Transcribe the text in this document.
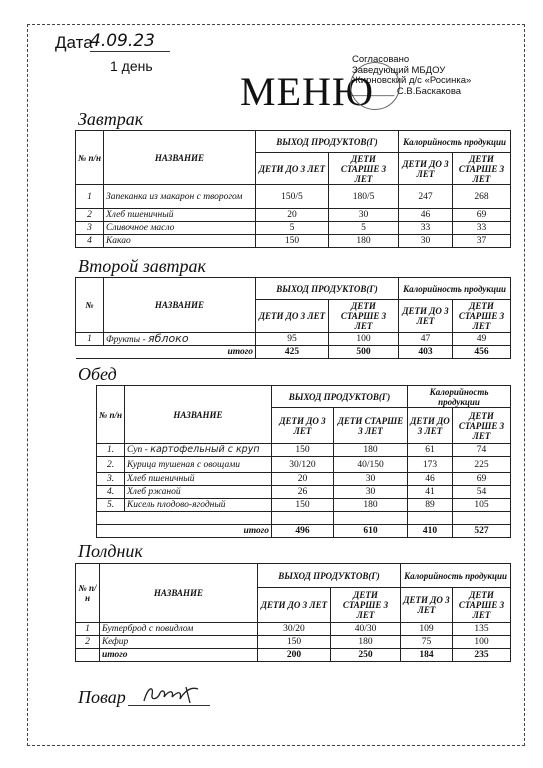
Дата
4.09.23
1 день
МЕНЮ
Согласовано
Заведующий МБДОУ
Жирновский д/с «Росинка»
________ С.В.Баскакова
Завтрак
№ п/н	НАЗВАНИЕ	ВЫХОД ПРОДУКТОВ(Г)		Калорийность продукции	
		ДЕТИ ДО 3 ЛЕТ	ДЕТИ СТАРШЕ 3 ЛЕТ	ДЕТИ ДО 3 ЛЕТ	ДЕТИ СТАРШЕ 3 ЛЕТ
1	Запеканка из макарон с творогом	150/5	180/5	247	268
2	Хлеб пшеничный	20	30	46	69
3	Сливочное масло	5	5	33	33
4	Какао	150	180	30	37
Второй завтрак
№	НАЗВАНИЕ	ВЫХОД ПРОДУКТОВ(Г)		Калорийность продукции	
		ДЕТИ ДО 3 ЛЕТ	ДЕТИ СТАРШЕ 3 ЛЕТ	ДЕТИ ДО 3 ЛЕТ	ДЕТИ СТАРШЕ 3 ЛЕТ
1	Фрукты - яблоко	95	100	47	49
итого		425	500	403	456
Обед
№ п/н	НАЗВАНИЕ	ВЫХОД ПРОДУКТОВ(Г)		Калорийность продукции	
		ДЕТИ ДО 3 ЛЕТ	ДЕТИ СТАРШЕ 3 ЛЕТ	ДЕТИ ДО 3 ЛЕТ	ДЕТИ СТАРШЕ 3 ЛЕТ
1.	Суп - картофельный с круп	150	180	61	74
2.	Курица тушеная с овощами	30/120	40/150	173	225
3.	Хлеб пшеничный	20	30	46	69
4.	Хлеб ржаной	26	30	41	54
5.	Кисель плодово-ягодный	150	180	89	105

итого		496	610	410	527
Полдник
№ п/н	НАЗВАНИЕ	ВЫХОД ПРОДУКТОВ(Г)		Калорийность продукции	
		ДЕТИ ДО 3 ЛЕТ	ДЕТИ СТАРШЕ 3 ЛЕТ	ДЕТИ ДО 3 ЛЕТ	ДЕТИ СТАРШЕ 3 ЛЕТ
1	Бутерброд с повидлом	30/20	40/30	109	135
2	Кефир	150	180	75	100
	итого	200	250	184	235
Повар
